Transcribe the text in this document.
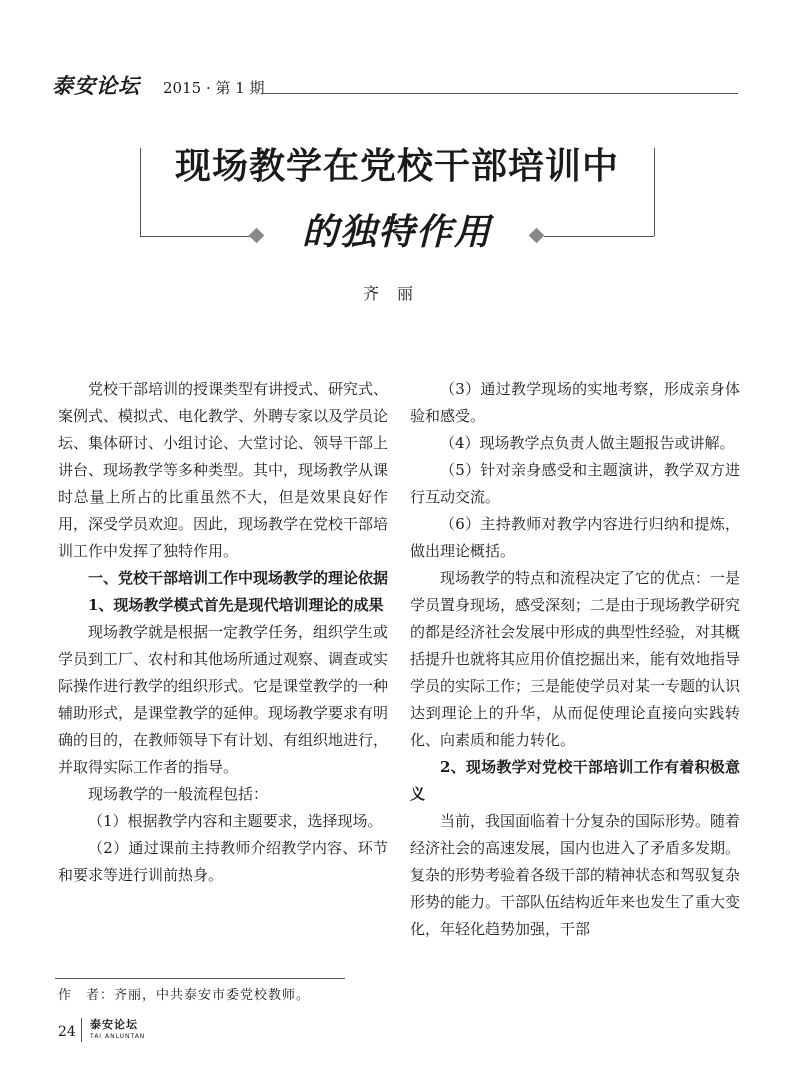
泰安论坛 2015 · 第 1 期
现场教学在党校干部培训中
的独特作用
齐丽

党校干部培训的授课类型有讲授式、研究式、案例式、模拟式、电化教学、外聘专家以及学员论坛、集体研讨、小组讨论、大堂讨论、领导干部上讲台、现场教学等多种类型。其中，现场教学从课时总量上所占的比重虽然不大，但是效果良好作用，深受学员欢迎。因此，现场教学在党校干部培训工作中发挥了独特作用。

一、党校干部培训工作中现场教学的理论依据

1、现场教学模式首先是现代培训理论的成果

现场教学就是根据一定教学任务，组织学生或学员到工厂、农村和其他场所通过观察、调查或实际操作进行教学的组织形式。它是课堂教学的一种辅助形式，是课堂教学的延伸。现场教学要求有明确的目的，在教师领导下有计划、有组织地进行，并取得实际工作者的指导。

现场教学的一般流程包括：

（1）根据教学内容和主题要求，选择现场。

（2）通过课前主持教师介绍教学内容、环节和要求等进行训前热身。

（3）通过教学现场的实地考察，形成亲身体验和感受。

（4）现场教学点负责人做主题报告或讲解。

（5）针对亲身感受和主题演讲，教学双方进行互动交流。

（6）主持教师对教学内容进行归纳和提炼，做出理论概括。

现场教学的特点和流程决定了它的优点：一是学员置身现场，感受深刻；二是由于现场教学研究的都是经济社会发展中形成的典型性经验，对其概括提升也就将其应用价值挖掘出来，能有效地指导学员的实际工作；三是能使学员对某一专题的认识达到理论上的升华，从而促使理论直接向实践转化、向素质和能力转化。

2、现场教学对党校干部培训工作有着积极意义

当前，我国面临着十分复杂的国际形势。随着经济社会的高速发展，国内也进入了矛盾多发期。复杂的形势考验着各级干部的精神状态和驾驭复杂形势的能力。干部队伍结构近年来也发生了重大变化，年轻化趋势加强，干部

作　者：齐丽，中共泰安市委党校教师。
24 泰安论坛
TAI ANLUNTAN
